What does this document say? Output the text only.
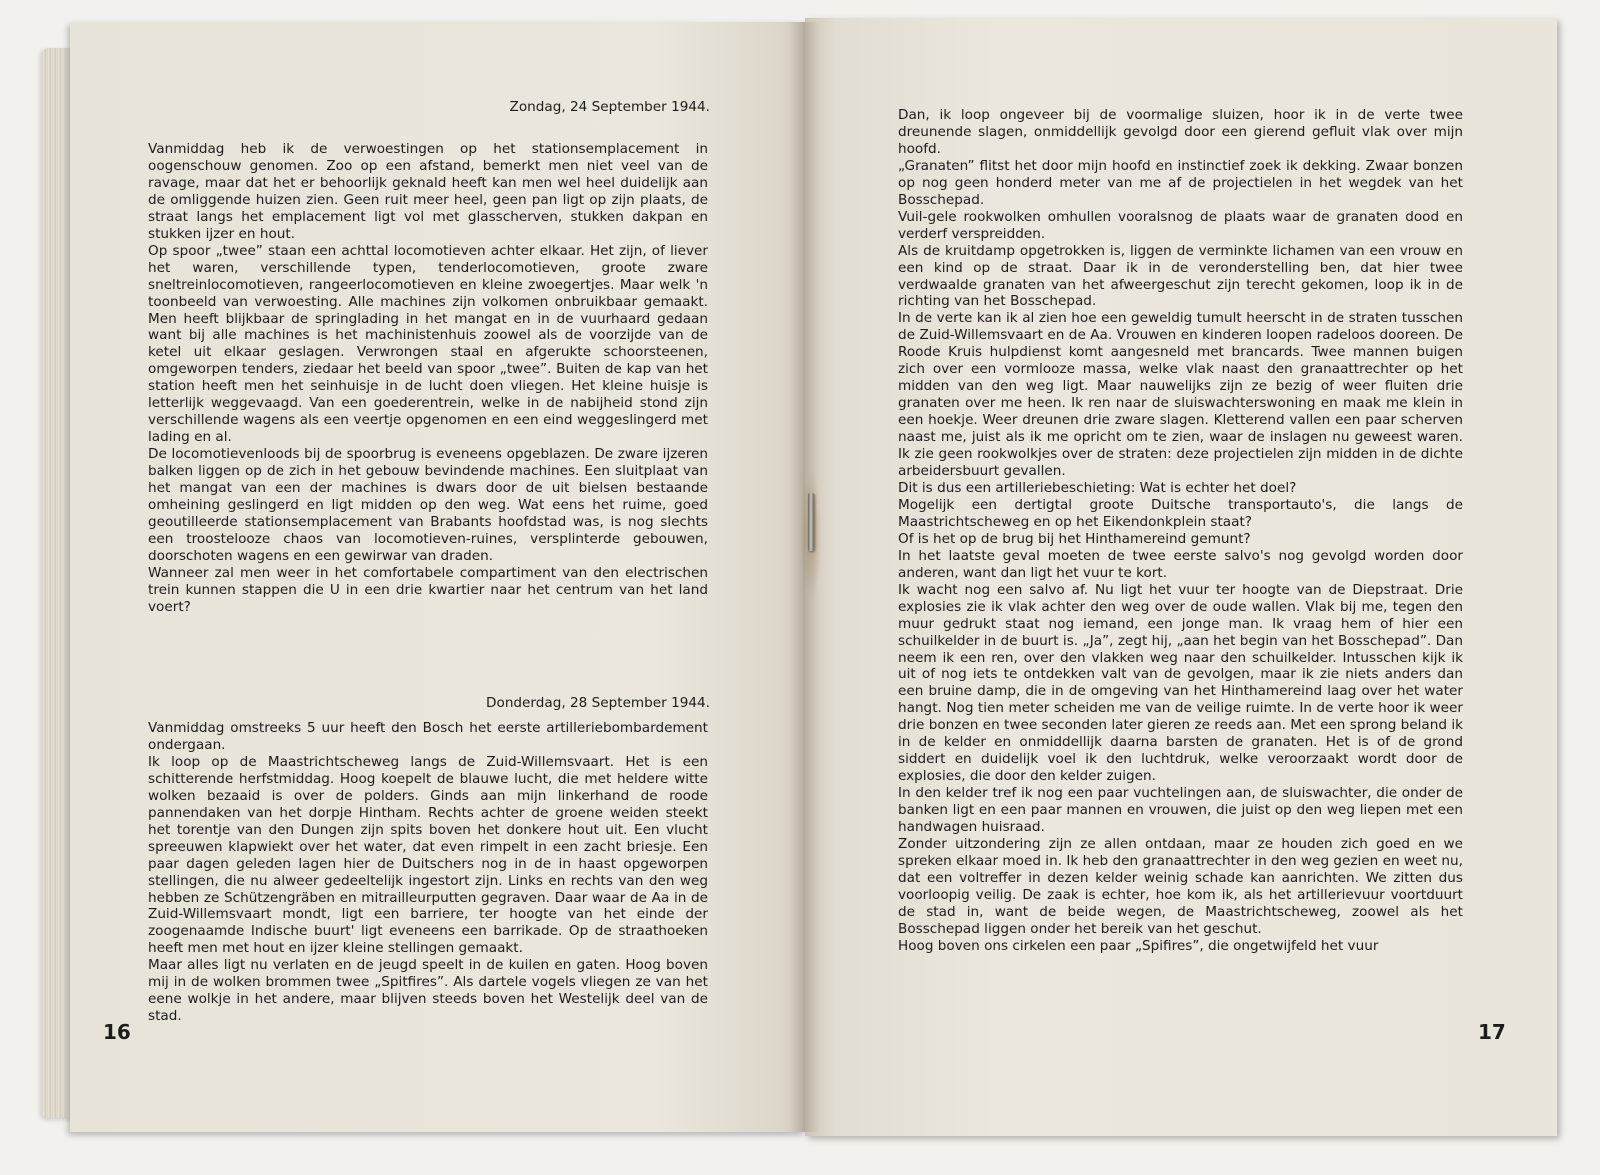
Zondag, 24 September 1944.

Vanmiddag heb ik de verwoestingen op het stationsemplacement in oogenschouw genomen. Zoo op een afstand, bemerkt men niet veel van de ravage, maar dat het er behoorlijk geknald heeft kan men wel heel duidelijk aan de omliggende huizen zien. Geen ruit meer heel, geen pan ligt op zijn plaats, de straat langs het emplacement ligt vol met glasscherven, stukken dakpan en stukken ijzer en hout.

Op spoor „twee” staan een achttal locomotieven achter elkaar. Het zijn, of liever het waren, verschillende typen, tenderlocomotieven, groote zware sneltreinlocomotieven, rangeerlocomotieven en kleine zwoegertjes. Maar welk 'n toonbeeld van verwoesting. Alle machines zijn volkomen onbruikbaar gemaakt. Men heeft blijkbaar de springlading in het mangat en in de vuurhaard gedaan want bij alle machines is het machinistenhuis zoowel als de voorzijde van de ketel uit elkaar geslagen. Verwrongen staal en afgerukte schoorsteenen, omgeworpen tenders, ziedaar het beeld van spoor „twee”. Buiten de kap van het station heeft men het seinhuisje in de lucht doen vliegen. Het kleine huisje is letterlijk weggevaagd. Van een goederentrein, welke in de nabijheid stond zijn verschillende wagens als een veertje opgenomen en een eind weggeslingerd met lading en al.

De locomotievenloods bij de spoorbrug is eveneens opgeblazen. De zware ijzeren balken liggen op de zich in het gebouw bevindende machines. Een sluitplaat van het mangat van een der machines is dwars door de uit bielsen bestaande omheining geslingerd en ligt midden op den weg. Wat eens het ruime, goed geoutilleerde stationsemplacement van Brabants hoofdstad was, is nog slechts een troostelooze chaos van locomotieven-ruines, versplinterde gebouwen, doorschoten wagens en een gewirwar van draden.

Wanneer zal men weer in het comfortabele compartiment van den electrischen trein kunnen stappen die U in een drie kwartier naar het centrum van het land voert?

Donderdag, 28 September 1944.

Vanmiddag omstreeks 5 uur heeft den Bosch het eerste artilleriebombardement ondergaan.

Ik loop op de Maastrichtscheweg langs de Zuid-Willemsvaart. Het is een schitterende herfstmiddag. Hoog koepelt de blauwe lucht, die met heldere witte wolken bezaaid is over de polders. Ginds aan mijn linkerhand de roode pannendaken van het dorpje Hintham. Rechts achter de groene weiden steekt het torentje van den Dungen zijn spits boven het donkere hout uit. Een vlucht spreeuwen klapwiekt over het water, dat even rimpelt in een zacht briesje. Een paar dagen geleden lagen hier de Duitschers nog in de in haast opgeworpen stellingen, die nu alweer gedeeltelijk ingestort zijn. Links en rechts van den weg hebben ze Schützengräben en mitrailleurputten gegraven. Daar waar de Aa in de Zuid-Willemsvaart mondt, ligt een barriere, ter hoogte van het einde der zoogenaamde Indische buurt' ligt eveneens een barrikade. Op de straathoeken heeft men met hout en ijzer kleine stellingen gemaakt.

Maar alles ligt nu verlaten en de jeugd speelt in de kuilen en gaten. Hoog boven mij in de wolken brommen twee „Spitfires”. Als dartele vogels vliegen ze van het eene wolkje in het andere, maar blijven steeds boven het Westelijk deel van de stad.

16

Dan, ik loop ongeveer bij de voormalige sluizen, hoor ik in de verte twee dreunende slagen, onmiddellijk gevolgd door een gierend gefluit vlak over mijn hoofd.

„Granaten” flitst het door mijn hoofd en instinctief zoek ik dekking. Zwaar bonzen op nog geen honderd meter van me af de projectielen in het wegdek van het Bosschepad.

Vuil-gele rookwolken omhullen vooralsnog de plaats waar de granaten dood en verderf verspreidden.

Als de kruitdamp opgetrokken is, liggen de verminkte lichamen van een vrouw en een kind op de straat. Daar ik in de veronderstelling ben, dat hier twee verdwaalde granaten van het afweergeschut zijn terecht gekomen, loop ik in de richting van het Bosschepad.

In de verte kan ik al zien hoe een geweldig tumult heerscht in de straten tusschen de Zuid-Willemsvaart en de Aa. Vrouwen en kinderen loopen radeloos dooreen. De Roode Kruis hulpdienst komt aangesneld met brancards. Twee mannen buigen zich over een vormlooze massa, welke vlak naast den granaattrechter op het midden van den weg ligt. Maar nauwelijks zijn ze bezig of weer fluiten drie granaten over me heen. Ik ren naar de sluiswachterswoning en maak me klein in een hoekje. Weer dreunen drie zware slagen. Kletterend vallen een paar scherven naast me, juist als ik me opricht om te zien, waar de inslagen nu geweest waren. Ik zie geen rookwolkjes over de straten: deze projectielen zijn midden in de dichte arbeidersbuurt gevallen.

Dit is dus een artilleriebeschieting: Wat is echter het doel?

Mogelijk een dertigtal groote Duitsche transportauto's, die langs de Maastrichtscheweg en op het Eikendonkplein staat?

Of is het op de brug bij het Hinthamereind gemunt?

In het laatste geval moeten de twee eerste salvo's nog gevolgd worden door anderen, want dan ligt het vuur te kort.

Ik wacht nog een salvo af. Nu ligt het vuur ter hoogte van de Diepstraat. Drie explosies zie ik vlak achter den weg over de oude wallen. Vlak bij me, tegen den muur gedrukt staat nog iemand, een jonge man. Ik vraag hem of hier een schuilkelder in de buurt is. „Ja”, zegt hij, „aan het begin van het Bosschepad”. Dan neem ik een ren, over den vlakken weg naar den schuilkelder. Intusschen kijk ik uit of nog iets te ontdekken valt van de gevolgen, maar ik zie niets anders dan een bruine damp, die in de omgeving van het Hinthamereind laag over het water hangt. Nog tien meter scheiden me van de veilige ruimte. In de verte hoor ik weer drie bonzen en twee seconden later gieren ze reeds aan. Met een sprong beland ik in de kelder en onmiddellijk daarna barsten de granaten. Het is of de grond siddert en duidelijk voel ik den luchtdruk, welke veroorzaakt wordt door de explosies, die door den kelder zuigen.

In den kelder tref ik nog een paar vuchtelingen aan, de sluiswachter, die onder de banken ligt en een paar mannen en vrouwen, die juist op den weg liepen met een handwagen huisraad.

Zonder uitzondering zijn ze allen ontdaan, maar ze houden zich goed en we spreken elkaar moed in. Ik heb den granaattrechter in den weg gezien en weet nu, dat een voltreffer in dezen kelder weinig schade kan aanrichten. We zitten dus voorloopig veilig. De zaak is echter, hoe kom ik, als het artillerievuur voortduurt de stad in, want de beide wegen, de Maastrichtscheweg, zoowel als het Bosschepad liggen onder het bereik van het geschut.

Hoog boven ons cirkelen een paar „Spifires”, die ongetwijfeld het vuur

17
